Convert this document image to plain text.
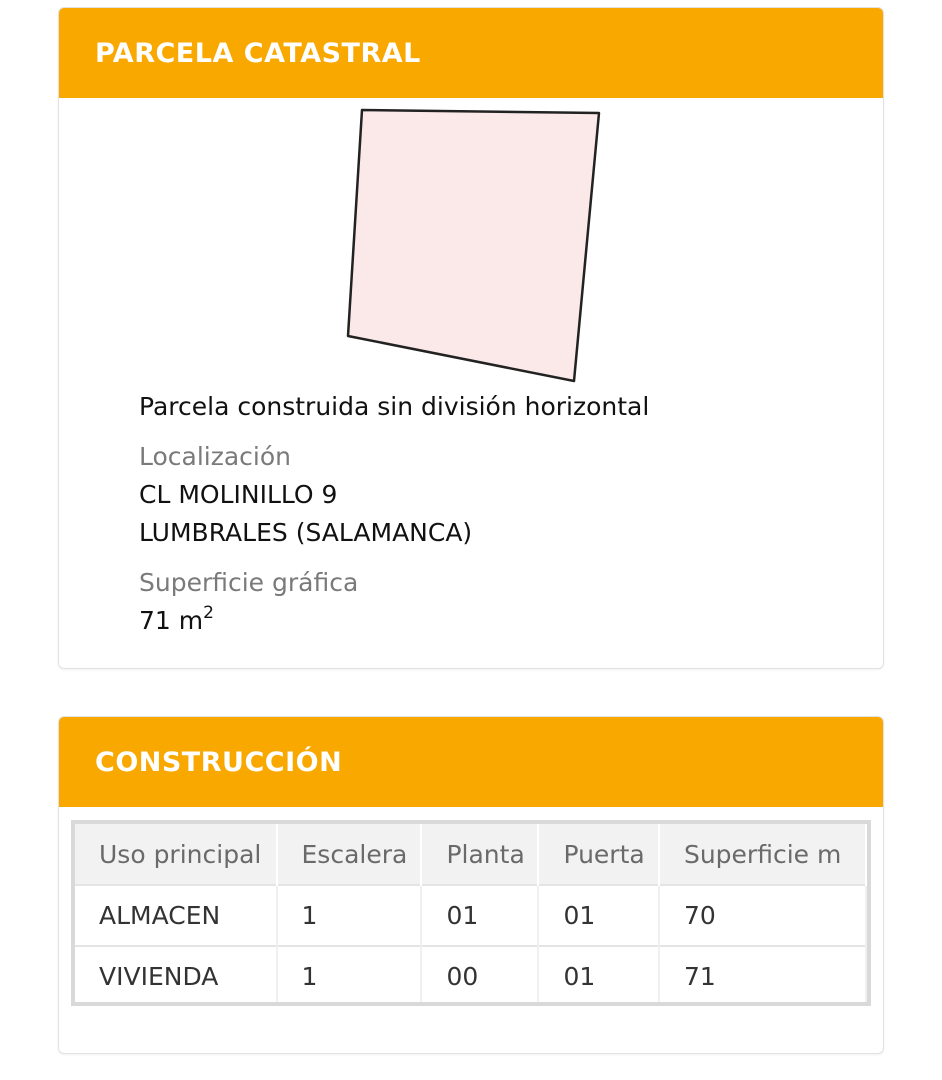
PARCELA CATASTRAL
Parcela construida sin división horizontal
Localización
CL MOLINILLO 9
LUMBRALES (SALAMANCA)
Superficie gráfica
71 $m^2$
CONSTRUCCIÓN
Uso principal	Escalera	Planta	Puerta	Superficie m
ALMACEN	1	01	01	70
VIVIENDA	1	00	01	71
